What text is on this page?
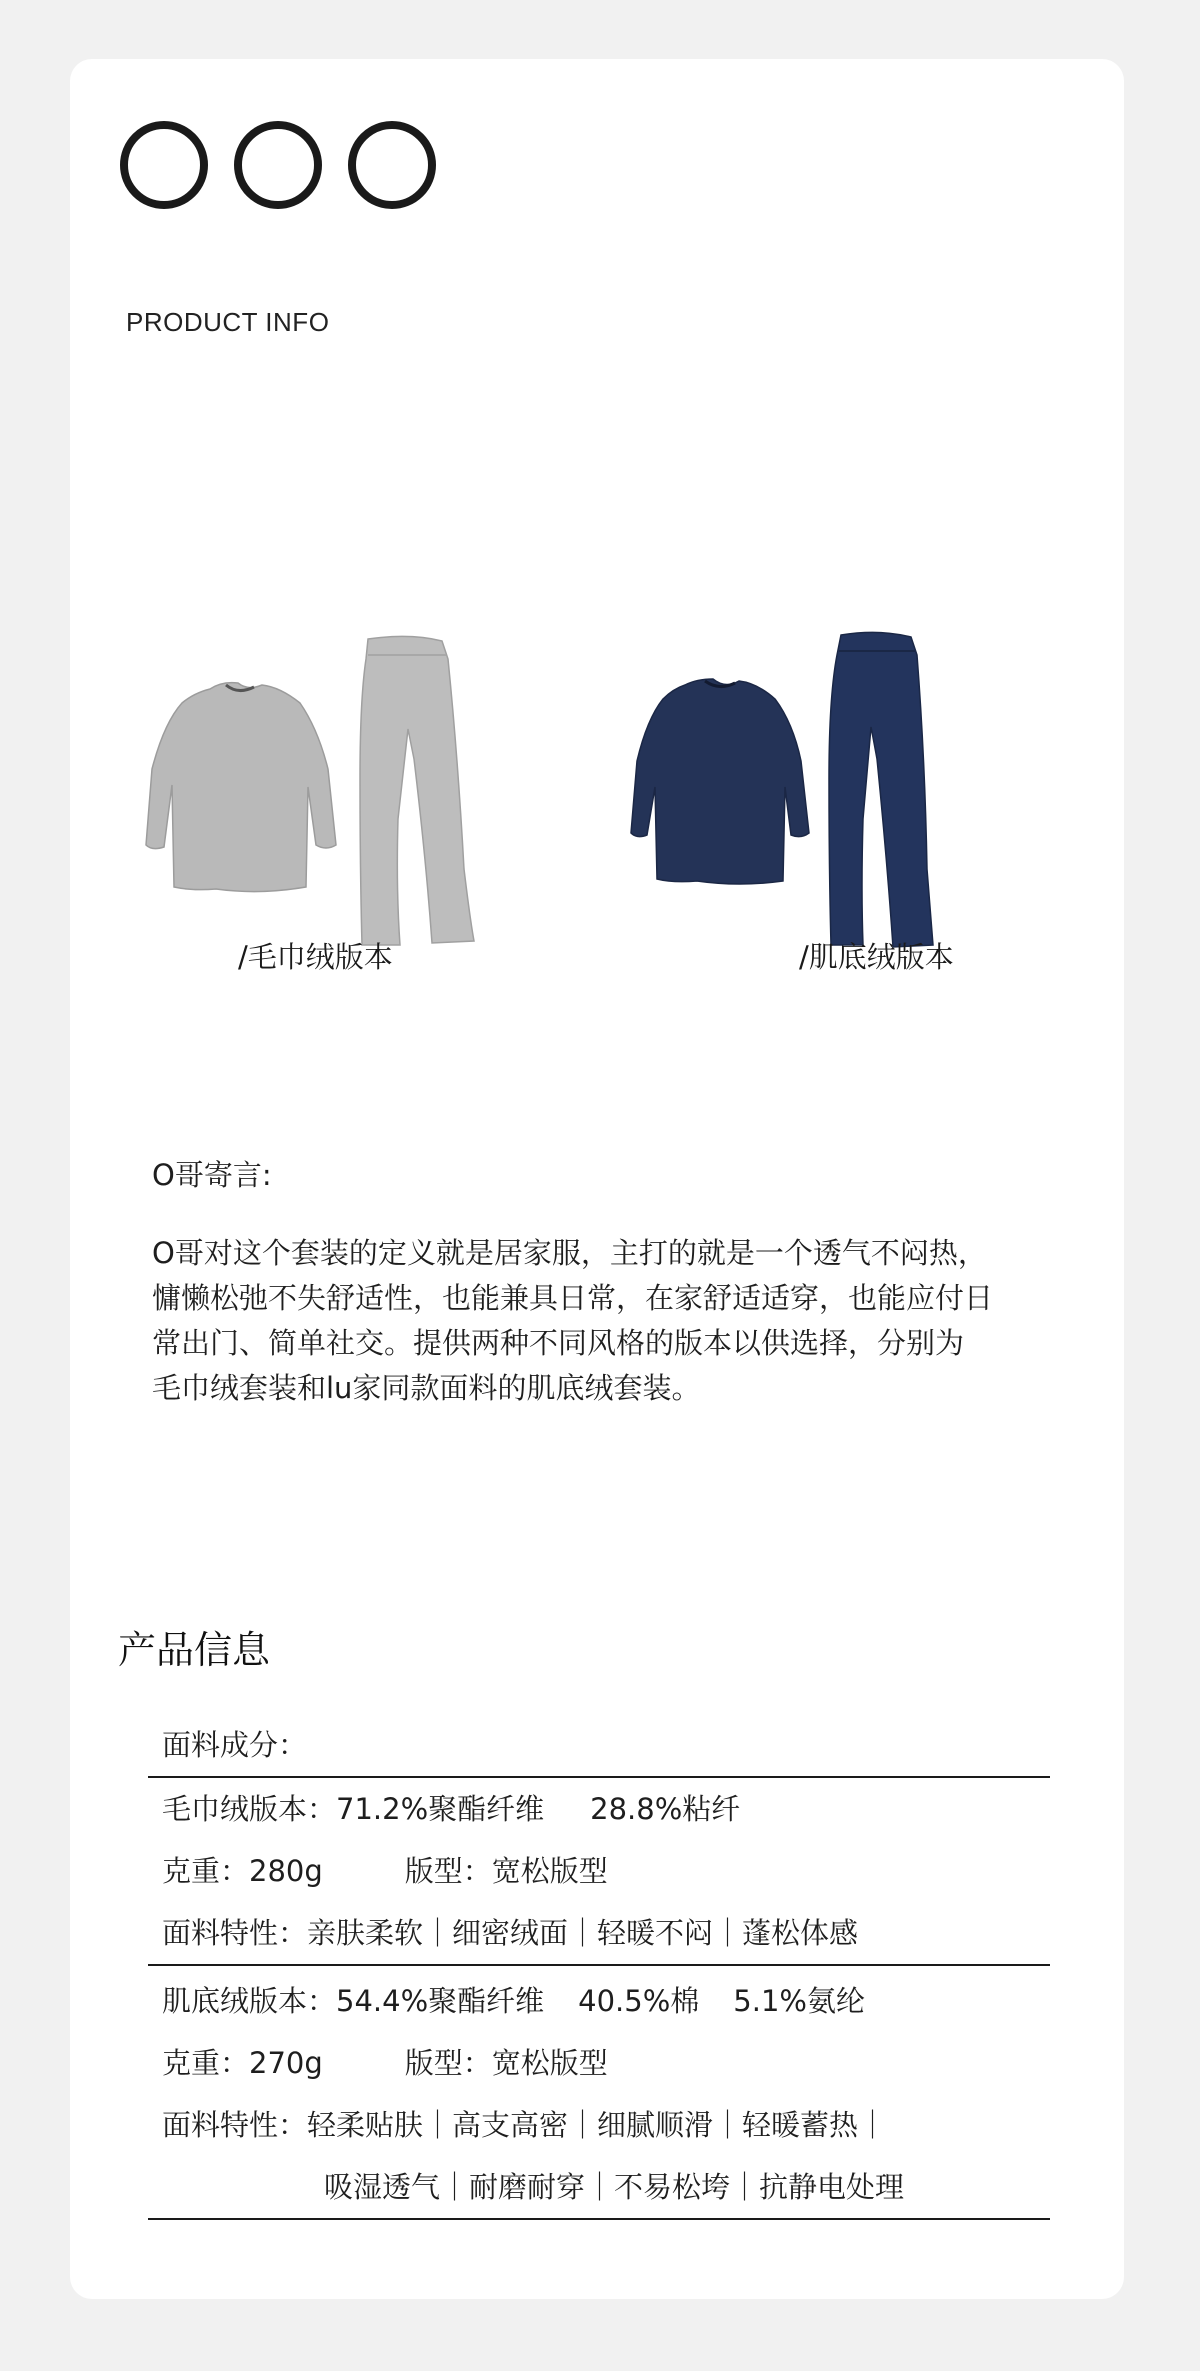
PRODUCT INFO
/毛巾绒版本	/肌底绒版本
O哥寄言:
O哥对这个套装的定义就是居家服，主打的就是一个透气不闷热，
慵懒松弛不失舒适性，也能兼具日常，在家舒适适穿，也能应付日
常出门、简单社交。提供两种不同风格的版本以供选择，分别为
毛巾绒套装和lu家同款面料的肌底绒套装。
产品信息
面料成分：
毛巾绒版本：71.2%聚酯纤维 28.8%粘纤
克重：280g	版型：宽松版型
面料特性：亲肤柔软｜细密绒面｜轻暖不闷｜蓬松体感
肌底绒版本：54.4%聚酯纤维 40.5%棉 5.1%氨纶
克重：270g	版型：宽松版型
面料特性：轻柔贴肤｜高支高密｜细腻顺滑｜轻暖蓄热｜
吸湿透气｜耐磨耐穿｜不易松垮｜抗静电处理
